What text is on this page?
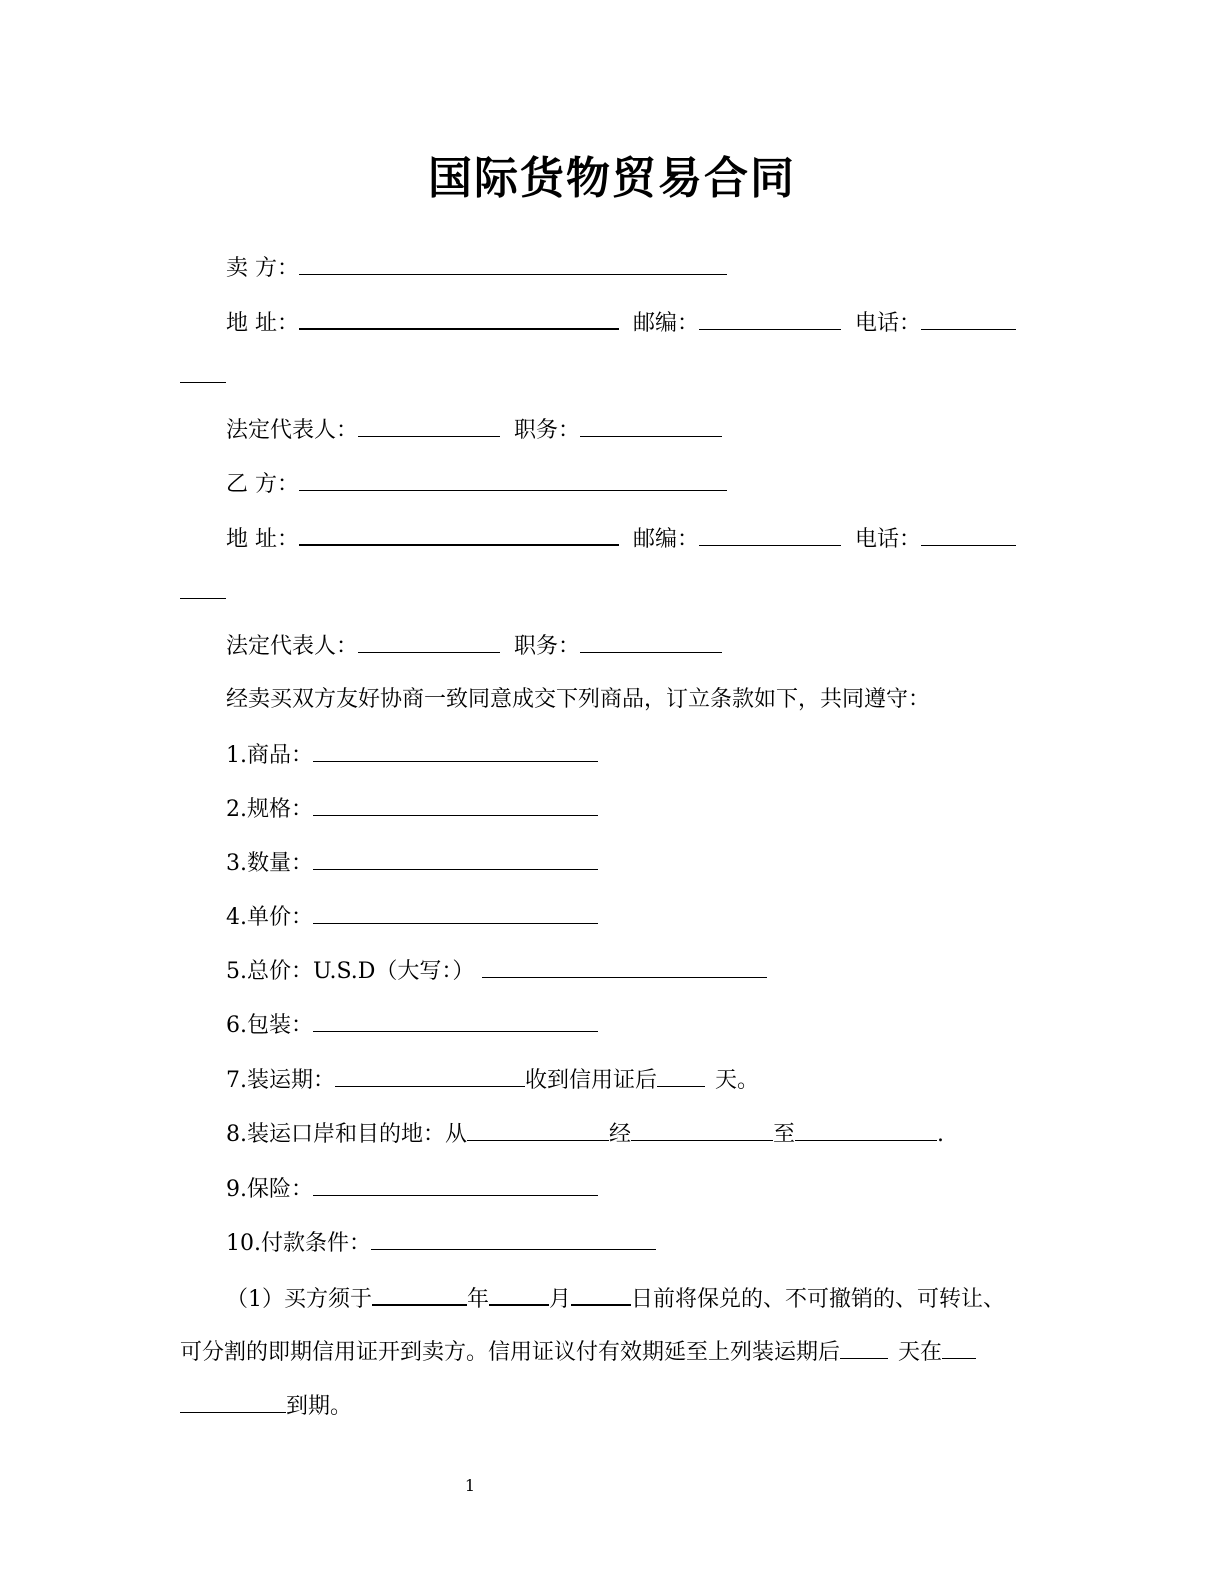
国际货物贸易合同
卖 方：
地 址：	邮编：	电话：
法定代表人：	职务：
乙 方：
地 址：	邮编：	电话：
法定代表人：	职务：
经卖买双方友好协商一致同意成交下列商品，订立条款如下，共同遵守：
1.商品：
2.规格：
3.数量：
4.单价：
5.总价：U.S.D（大写：）
6.包装：
7.装运期：	收到信用证后	天。
8.装运口岸和目的地：从	经	至	.
9.保险：
10.付款条件：
（1）买方须于	年	月	日前将保兑的、不可撤销的、可转让、
可分割的即期信用证开到卖方。信用证议付有效期延至上列装运期后	天在
到期。
1
